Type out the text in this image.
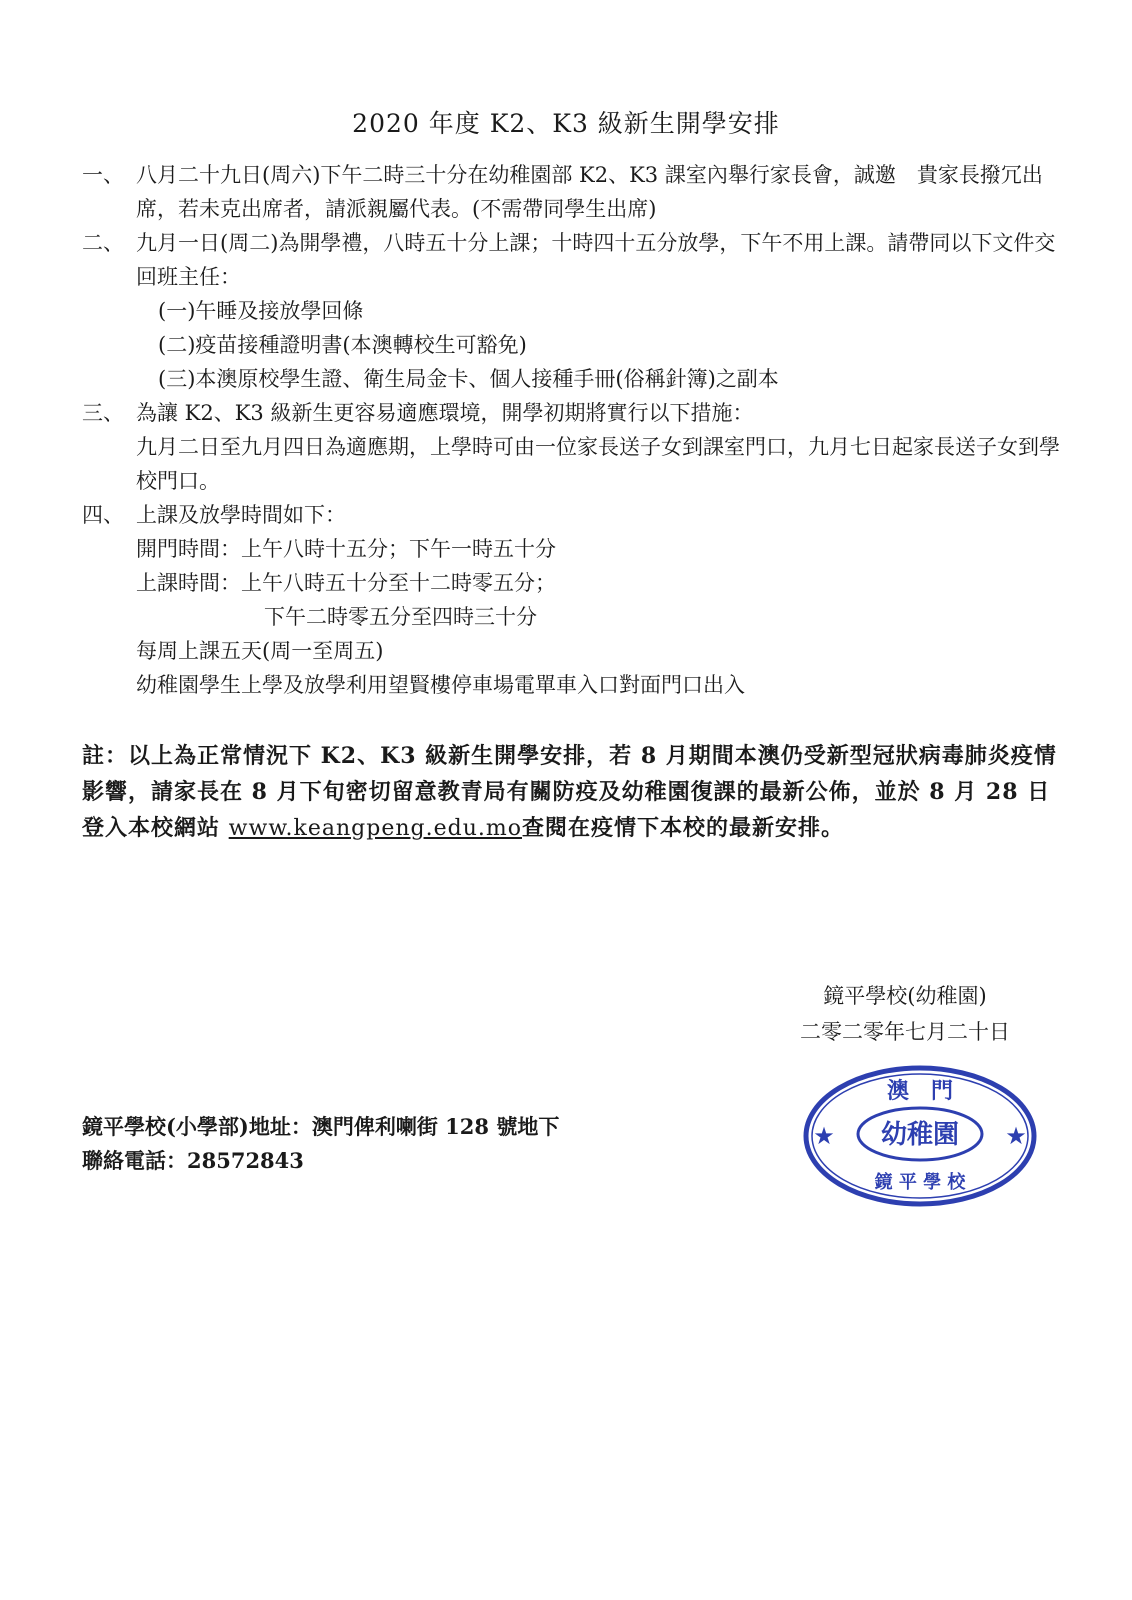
2020 年度 K2、K3 級新生開學安排
一、 八月二十九日(周六)下午二時三十分在幼稚園部 K2、K3 課室內舉行家長會，誠邀　貴家長撥冗出席，若未克出席者，請派親屬代表。(不需帶同學生出席)
二、 九月一日(周二)為開學禮，八時五十分上課；十時四十五分放學，下午不用上課。請帶同以下文件交回班主任：
(一)午睡及接放學回條
(二)疫苗接種證明書(本澳轉校生可豁免)
(三)本澳原校學生證、衛生局金卡、個人接種手冊(俗稱針簿)之副本
三、 為讓 K2、K3 級新生更容易適應環境，開學初期將實行以下措施：
九月二日至九月四日為適應期，上學時可由一位家長送子女到課室門口，九月七日起家長送子女到學校門口。
四、 上課及放學時間如下：
開門時間：上午八時十五分；下午一時五十分
上課時間：上午八時五十分至十二時零五分；
下午二時零五分至四時三十分
每周上課五天(周一至周五)
幼稚園學生上學及放學利用望賢樓停車場電單車入口對面門口出入
註：以上為正常情況下 K2、K3 級新生開學安排，若 8 月期間本澳仍受新型冠狀病毒肺炎疫情影響，請家長在 8 月下旬密切留意教青局有關防疫及幼稚園復課的最新公佈，並於 8 月 28 日登入本校網站 www.keangpeng.edu.mo查閱在疫情下本校的最新安排。
鏡平學校(幼稚園)
二零二零年七月二十日
澳　門
幼稚園
鏡 平 學 校
★	★
鏡平學校(小學部)地址：澳門俾利喇街 128 號地下
聯絡電話：28572843
